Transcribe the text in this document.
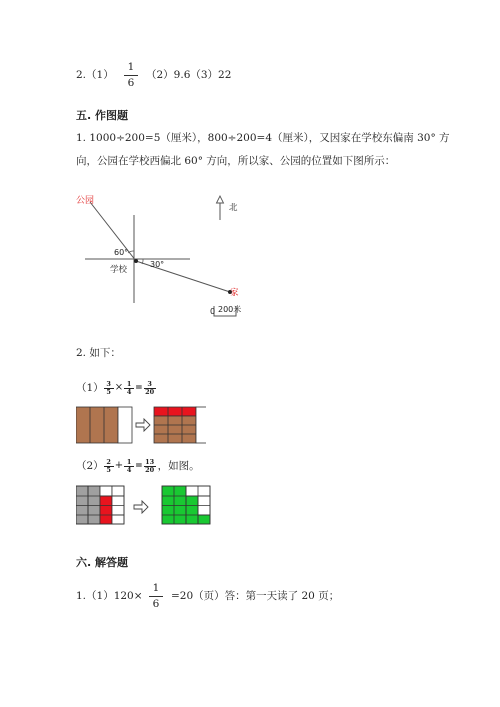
2.（1）
1
6
（2）9.6（3）22
五. 作图题
1. 1000÷200=5（厘米），800÷200=4（厘米），又因家在学校东偏南 30° 方
向，公园在学校西偏北 60° 方向，所以家、公园的位置如下图所示：
公园
学校
家
北
60°
30°
0 200米
2. 如下：
（1） 3
5 × 1
4 = 3
20
（2） 2
5 + 1
4 = 13
20 ，如图。
六. 解答题
1.（1）120×
1
6
=20（页）答：第一天读了 20 页；
